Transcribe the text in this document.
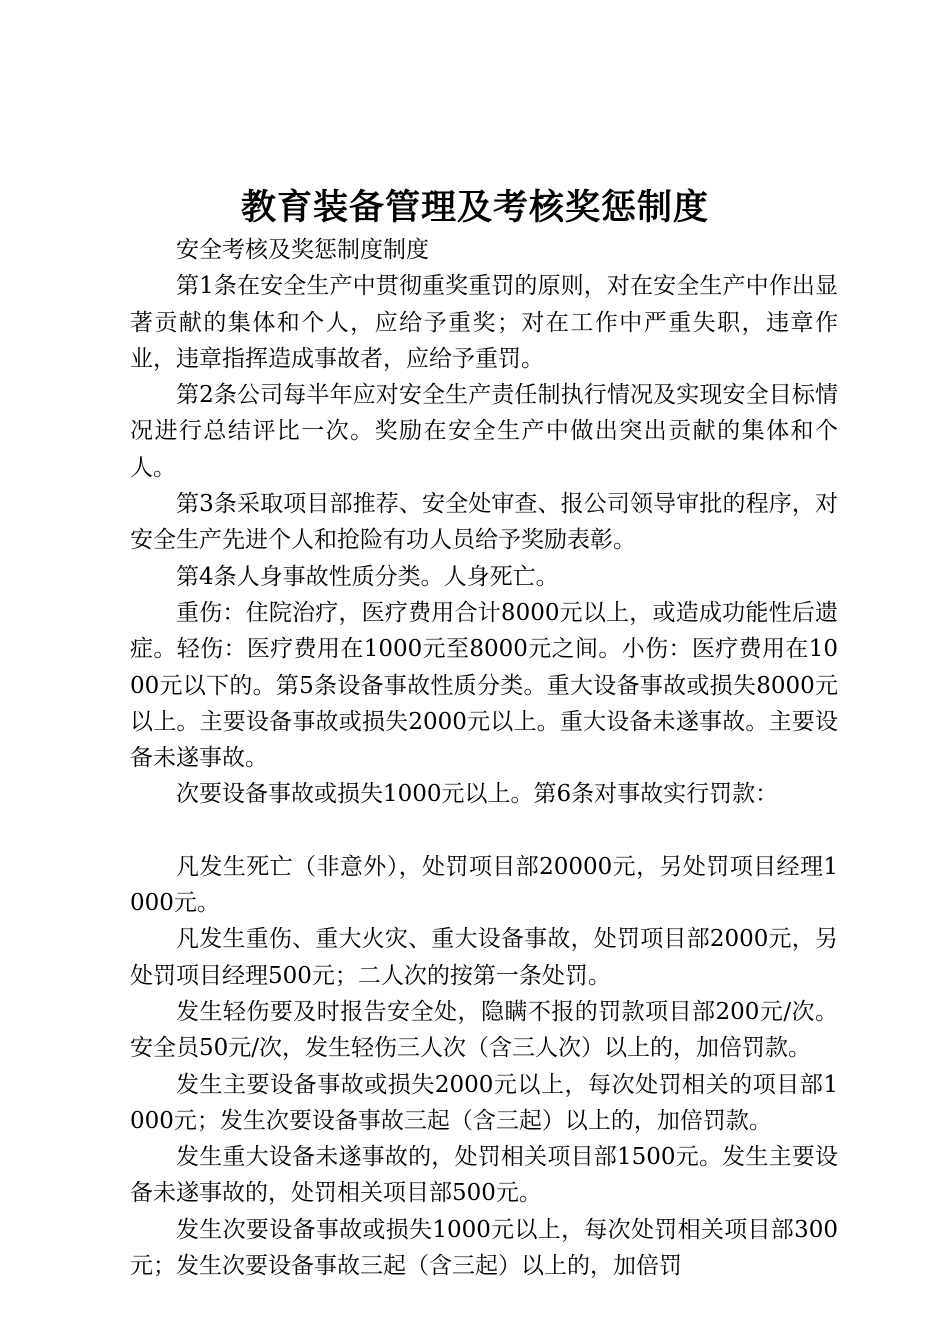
教育装备管理及考核奖惩制度

安全考核及奖惩制度制度

第1条在安全生产中贯彻重奖重罚的原则，对在安全生产中作出显著贡献的集体和个人，应给予重奖；对在工作中严重失职，违章作业，违章指挥造成事故者，应给予重罚。

第2条公司每半年应对安全生产责任制执行情况及实现安全目标情况进行总结评比一次。奖励在安全生产中做出突出贡献的集体和个人。

第3条采取项目部推荐、安全处审查、报公司领导审批的程序，对安全生产先进个人和抢险有功人员给予奖励表彰。

第4条人身事故性质分类。人身死亡。

重伤：住院治疗，医疗费用合计8000元以上，或造成功能性后遗症。轻伤：医疗费用在1000元至8000元之间。小伤：医疗费用在1000元以下的。第5条设备事故性质分类。重大设备事故或损失8000元以上。主要设备事故或损失2000元以上。重大设备未遂事故。主要设备未遂事故。

次要设备事故或损失1000元以上。第6条对事故实行罚款：

凡发生死亡（非意外），处罚项目部20000元，另处罚项目经理1000元。

凡发生重伤、重大火灾、重大设备事故，处罚项目部2000元，另处罚项目经理500元；二人次的按第一条处罚。

发生轻伤要及时报告安全处，隐瞒不报的罚款项目部200元/次。安全员50元/次，发生轻伤三人次（含三人次）以上的，加倍罚款。

发生主要设备事故或损失2000元以上，每次处罚相关的项目部1000元；发生次要设备事故三起（含三起）以上的，加倍罚款。

发生重大设备未遂事故的，处罚相关项目部1500元。发生主要设备未遂事故的，处罚相关项目部500元。

发生次要设备事故或损失1000元以上，每次处罚相关项目部300元；发生次要设备事故三起（含三起）以上的，加倍罚
